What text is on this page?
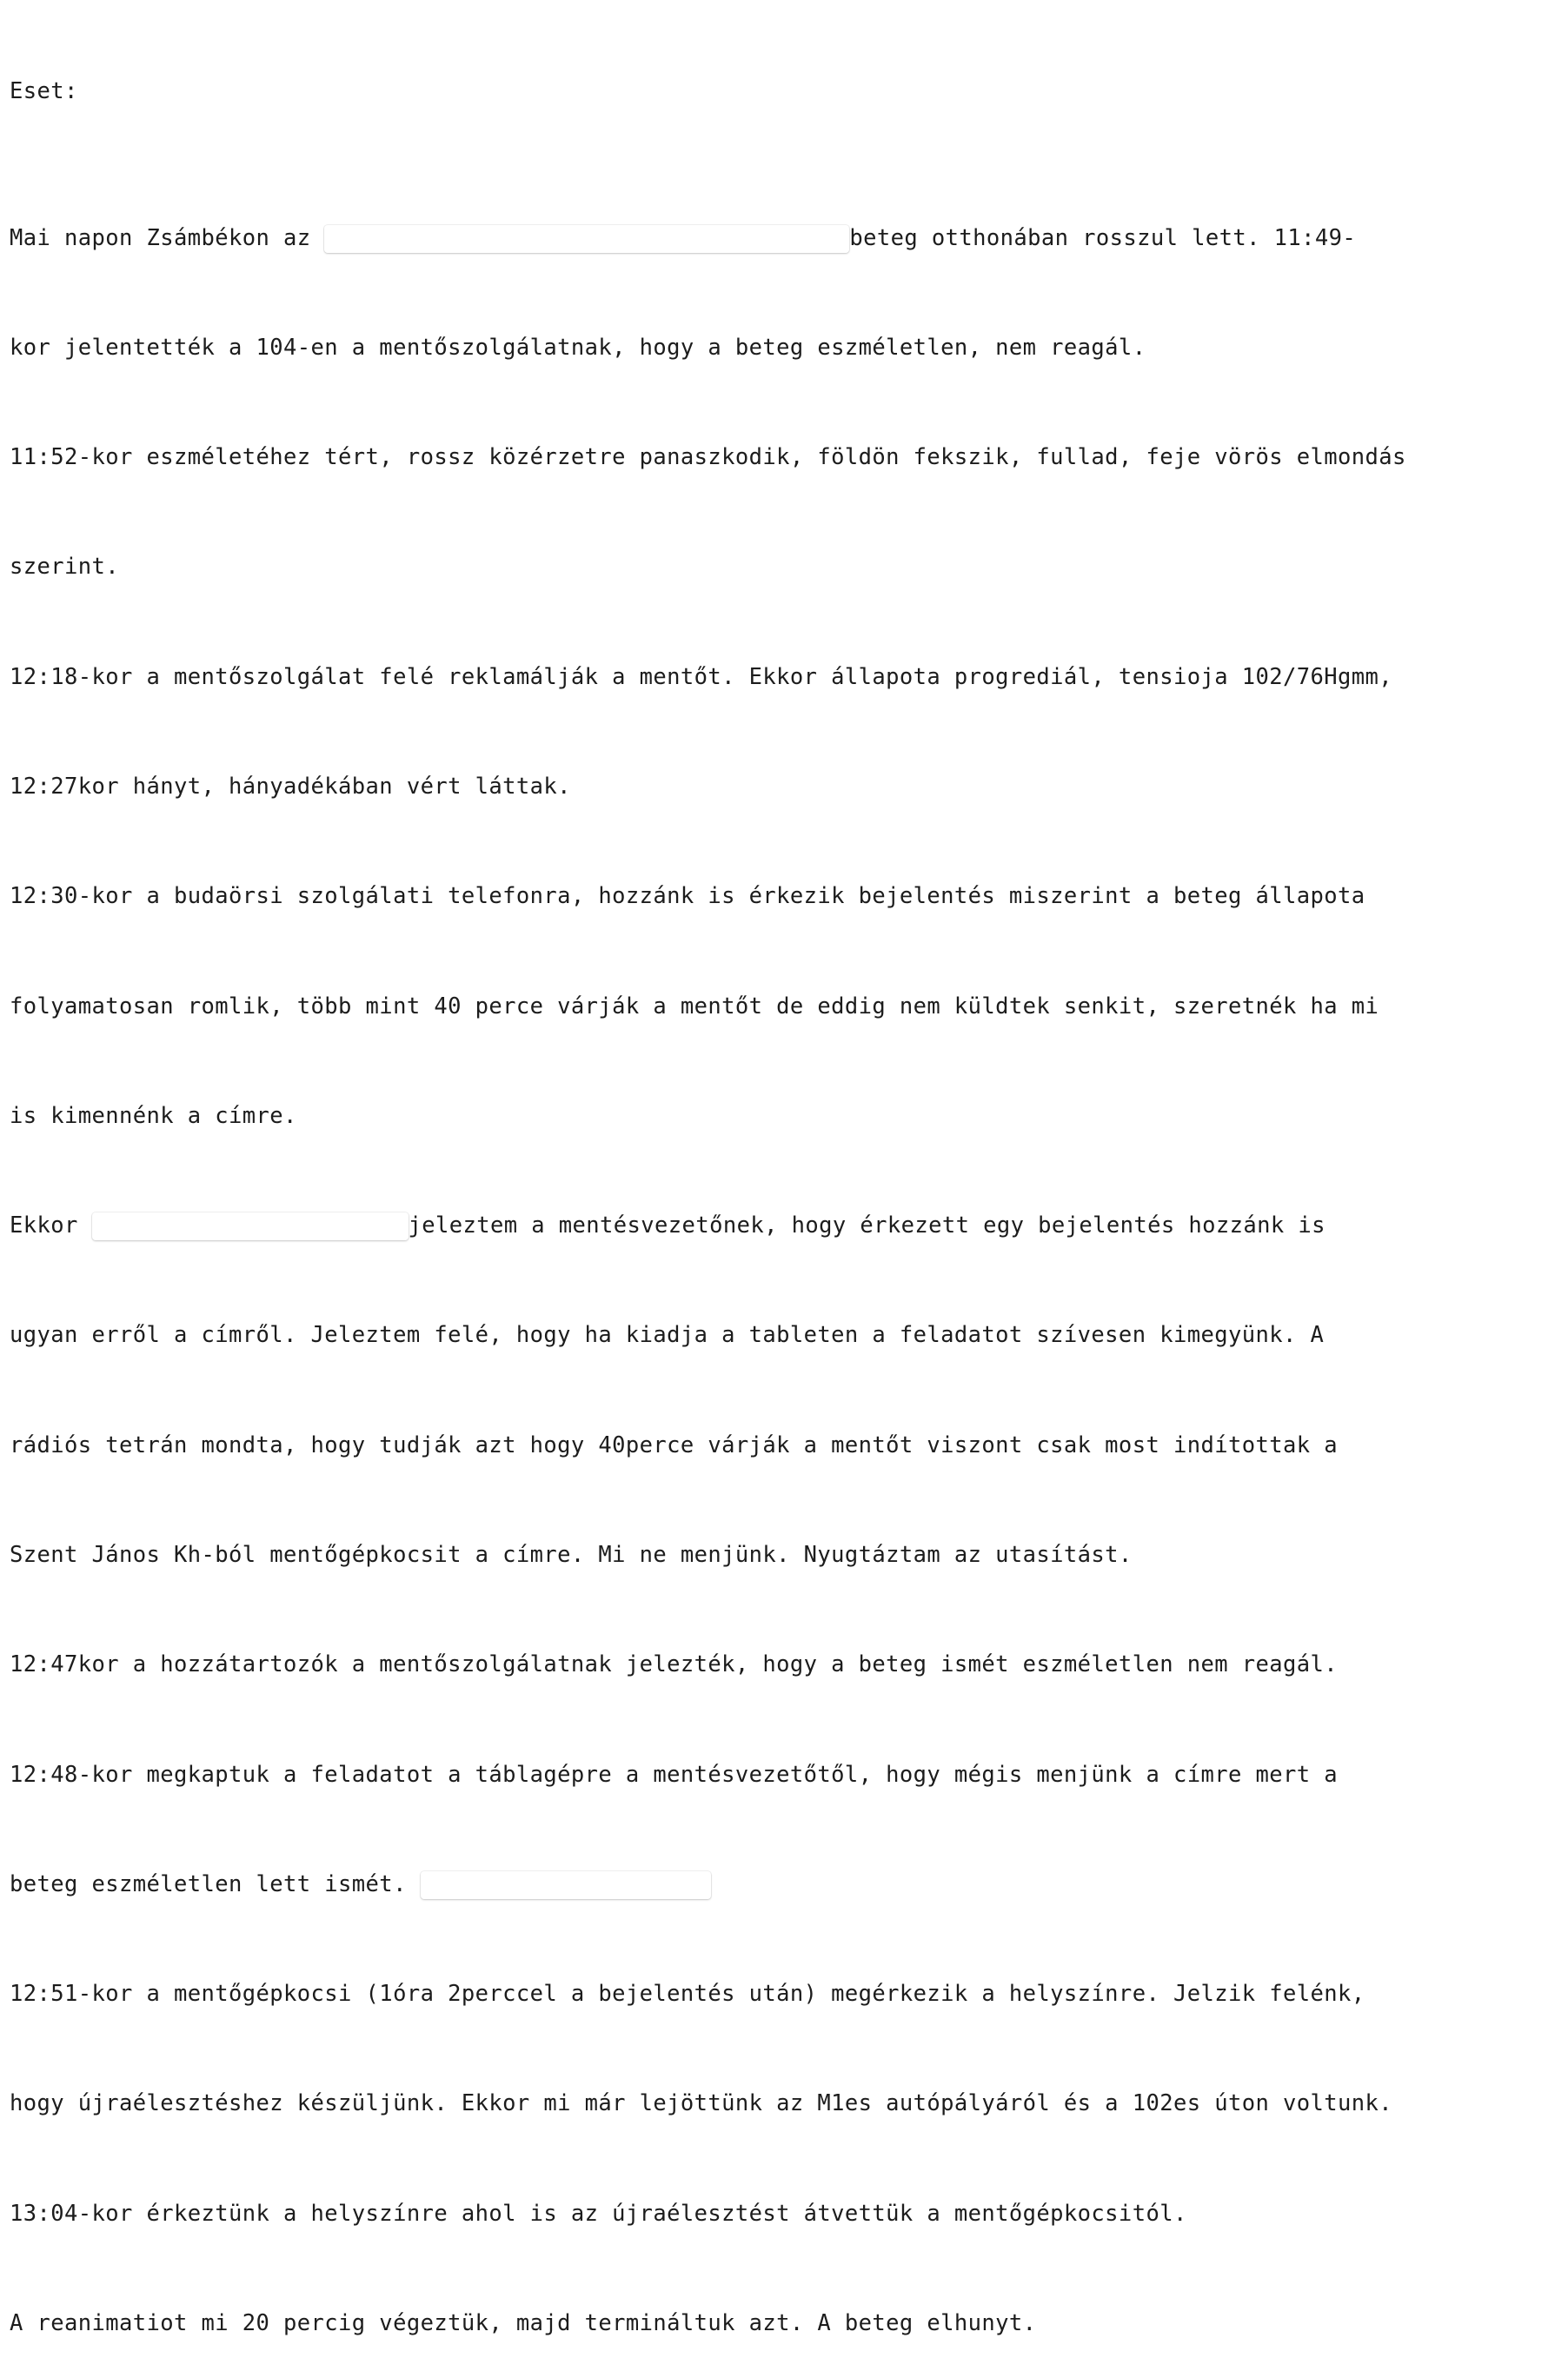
Eset:

Mai napon Zsámbékon az	beteg otthonában rosszul lett. 11:49-

kor jelentették a 104-en a mentőszolgálatnak, hogy a beteg eszméletlen, nem reagál.

11:52-kor eszméletéhez tért, rossz közérzetre panaszkodik, földön fekszik, fullad, feje vörös elmondás

szerint.

12:18-kor a mentőszolgálat felé reklamálják a mentőt. Ekkor állapota progrediál, tensioja 102/76Hgmm,

12:27kor hányt, hányadékában vért láttak.

12:30-kor a budaörsi szolgálati telefonra, hozzánk is érkezik bejelentés miszerint a beteg állapota

folyamatosan romlik, több mint 40 perce várják a mentőt de eddig nem küldtek senkit, szeretnék ha mi

is kimennénk a címre.

Ekkor	jeleztem a mentésvezetőnek, hogy érkezett egy bejelentés hozzánk is

ugyan erről a címről. Jeleztem felé, hogy ha kiadja a tableten a feladatot szívesen kimegyünk. A

rádiós tetrán mondta, hogy tudják azt hogy 40perce várják a mentőt viszont csak most indítottak a

Szent János Kh-ból mentőgépkocsit a címre. Mi ne menjünk. Nyugtáztam az utasítást.

12:47kor a hozzátartozók a mentőszolgálatnak jelezték, hogy a beteg ismét eszméletlen nem reagál.

12:48-kor megkaptuk a feladatot a táblagépre a mentésvezetőtől, hogy mégis menjünk a címre mert a

beteg eszméletlen lett ismét.

12:51-kor a mentőgépkocsi (1óra 2perccel a bejelentés után) megérkezik a helyszínre. Jelzik felénk,

hogy újraélesztéshez készüljünk. Ekkor mi már lejöttünk az M1es autópályáról és a 102es úton voltunk.

13:04-kor érkeztünk a helyszínre ahol is az újraélesztést átvettük a mentőgépkocsitól.

A reanimatiot mi 20 percig végeztük, majd termináltuk azt. A beteg elhunyt.
